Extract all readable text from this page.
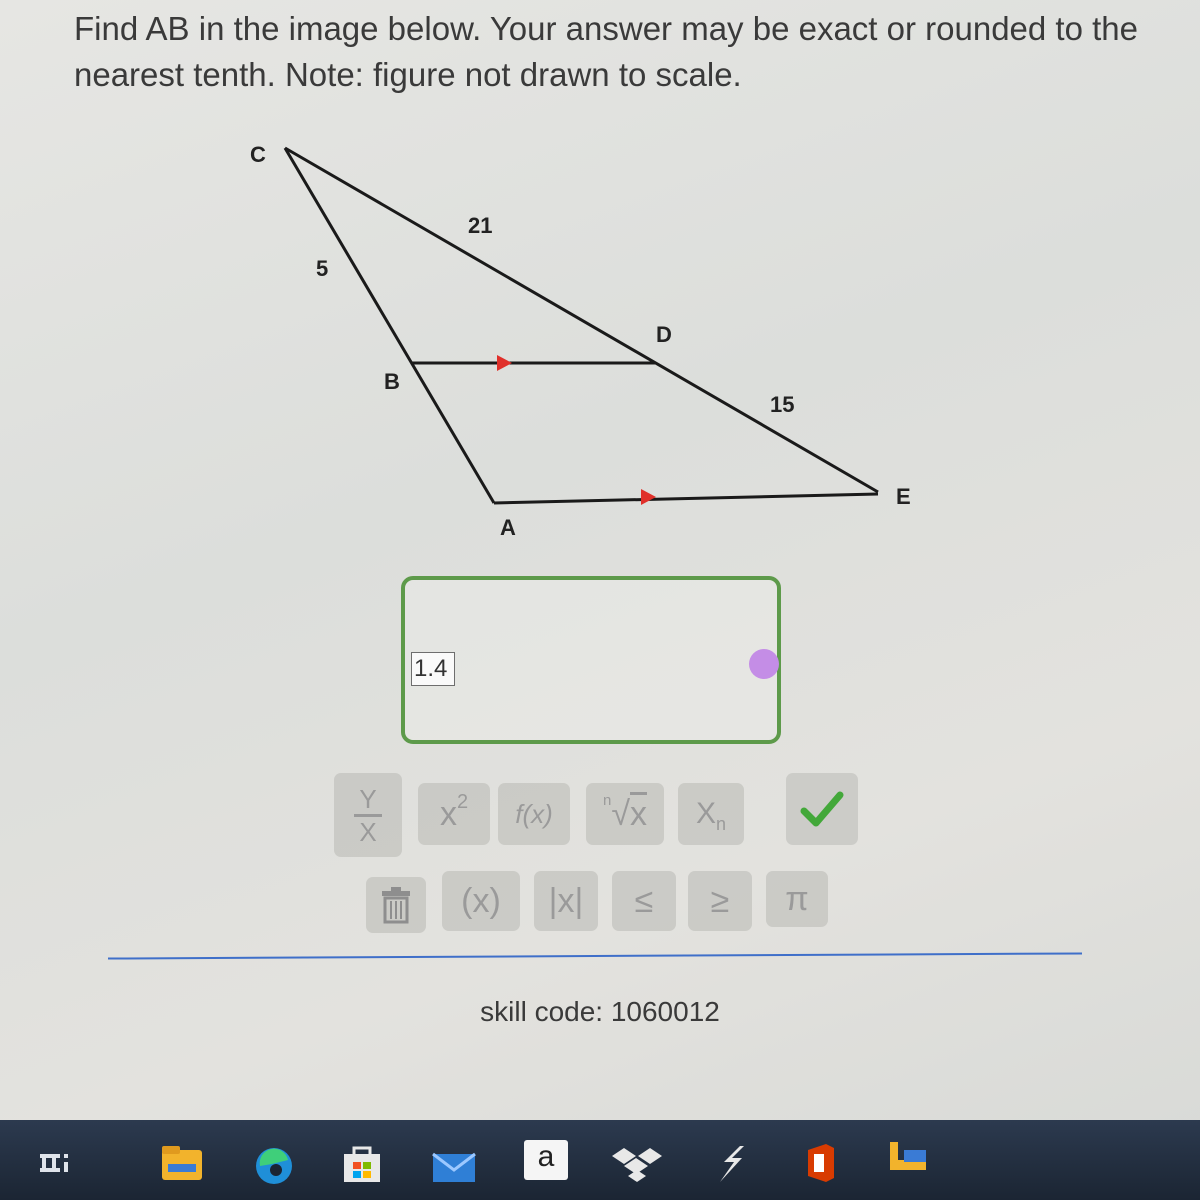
Find AB in the image below. Your answer may be exact or rounded to the nearest tenth. Note: figure not drawn to scale.
C
21
5
D
B
15
E
A
1.4
$\frac{Y}{X} x^2$ f(x)	$^n$ √ x $X_n$
(x) |x| ≤ ≥ π
skill code: 1060012
a
